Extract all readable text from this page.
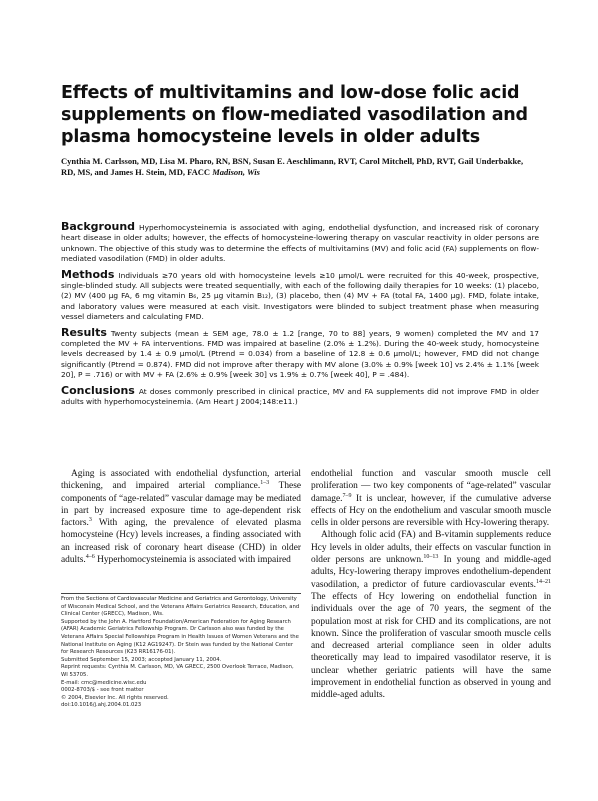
Effects of multivitamins and low-dose folic acid supplements on flow-mediated vasodilation and plasma homocysteine levels in older adults

Cynthia M. Carlsson, MD, Lisa M. Pharo, RN, BSN, Susan E. Aeschlimann, RVT, Carol Mitchell, PhD, RVT, Gail Underbakke, RD, MS, and James H. Stein, MD, FACC Madison, Wis

Background Hyperhomocysteinemia is associated with aging, endothelial dysfunction, and increased risk of coronary heart disease in older adults; however, the effects of homocysteine-lowering therapy on vascular reactivity in older persons are unknown. The objective of this study was to determine the effects of multivitamins (MV) and folic acid (FA) supplements on flow-mediated vasodilation (FMD) in older adults.

Methods Individuals ≥70 years old with homocysteine levels ≥10 μmol/L were recruited for this 40-week, prospective, single-blinded study. All subjects were treated sequentially, with each of the following daily therapies for 10 weeks: (1) placebo, (2) MV (400 μg FA, 6 mg vitamin B₆, 25 μg vitamin B₁₂), (3) placebo, then (4) MV + FA (total FA, 1400 μg). FMD, folate intake, and laboratory values were measured at each visit. Investigators were blinded to subject treatment phase when measuring vessel diameters and calculating FMD.

Results Twenty subjects (mean ± SEM age, 78.0 ± 1.2 [range, 70 to 88] years, 9 women) completed the MV and 17 completed the MV + FA interventions. FMD was impaired at baseline (2.0% ± 1.2%). During the 40-week study, homocysteine levels decreased by 1.4 ± 0.9 μmol/L (Ptrend = 0.034) from a baseline of 12.8 ± 0.6 μmol/L; however, FMD did not change significantly (Ptrend = 0.874). FMD did not improve after therapy with MV alone (3.0% ± 0.9% [week 10] vs 2.4% ± 1.1% [week 20], P = .716) or with MV + FA (2.6% ± 0.9% [week 30] vs 1.9% ± 0.7% [week 40], P = .484).

Conclusions At doses commonly prescribed in clinical practice, MV and FA supplements did not improve FMD in older adults with hyperhomocysteinemia. (Am Heart J 2004;148:e11.)

Aging is associated with endothelial dysfunction, arterial thickening, and impaired arterial compliance.$^{1-3}$ These components of “age-related” vascular damage may be mediated in part by increased exposure time to age-dependent risk factors.$^3$ With aging, the prevalence of elevated plasma homocysteine (Hcy) levels increases, a finding associated with an increased risk of coronary heart disease (CHD) in older adults.$^{4-6}$ Hyperhomocysteinemia is associated with impaired

From the Sections of Cardiovascular Medicine and Geriatrics and Gerontology, University of Wisconsin Medical School, and the Veterans Affairs Geriatrics Research, Education, and Clinical Center (GRECC), Madison, Wis.
Supported by the John A. Hartford Foundation/American Federation for Aging Research (AFAR) Academic Geriatrics Fellowship Program. Dr Carlsson also was funded by the Veterans Affairs Special Fellowships Program in Health Issues of Women Veterans and the National Institute on Aging (K12 AG19247). Dr Stein was funded by the National Center for Research Resources (K23 RR16176-01).
Submitted September 15, 2003; accepted January 11, 2004.
Reprint requests: Cynthia M. Carlsson, MD, VA GRECC, 2500 Overlook Terrace, Madison, WI 53705.
E-mail: cmc@medicine.wisc.edu
0002-8703/$ - see front matter
© 2004, Elsevier Inc. All rights reserved.
doi:10.1016/j.ahj.2004.01.023

endothelial function and vascular smooth muscle cell proliferation — two key components of “age-related” vascular damage.$^{7-9}$ It is unclear, however, if the cumulative adverse effects of Hcy on the endothelium and vascular smooth muscle cells in older persons are reversible with Hcy-lowering therapy.

Although folic acid (FA) and B-vitamin supplements reduce Hcy levels in older adults, their effects on vascular function in older persons are unknown.$^{10-13}$ In young and middle-aged adults, Hcy-lowering therapy improves endothelium-dependent vasodilation, a predictor of future cardiovascular events.$^{14-21}$ The effects of Hcy lowering on endothelial function in individuals over the age of 70 years, the segment of the population most at risk for CHD and its complications, are not known. Since the proliferation of vascular smooth muscle cells and decreased arterial compliance seen in older adults theoretically may lead to impaired vasodilator reserve, it is unclear whether geriatric patients will have the same improvement in endothelial function as observed in young and middle-aged adults.
